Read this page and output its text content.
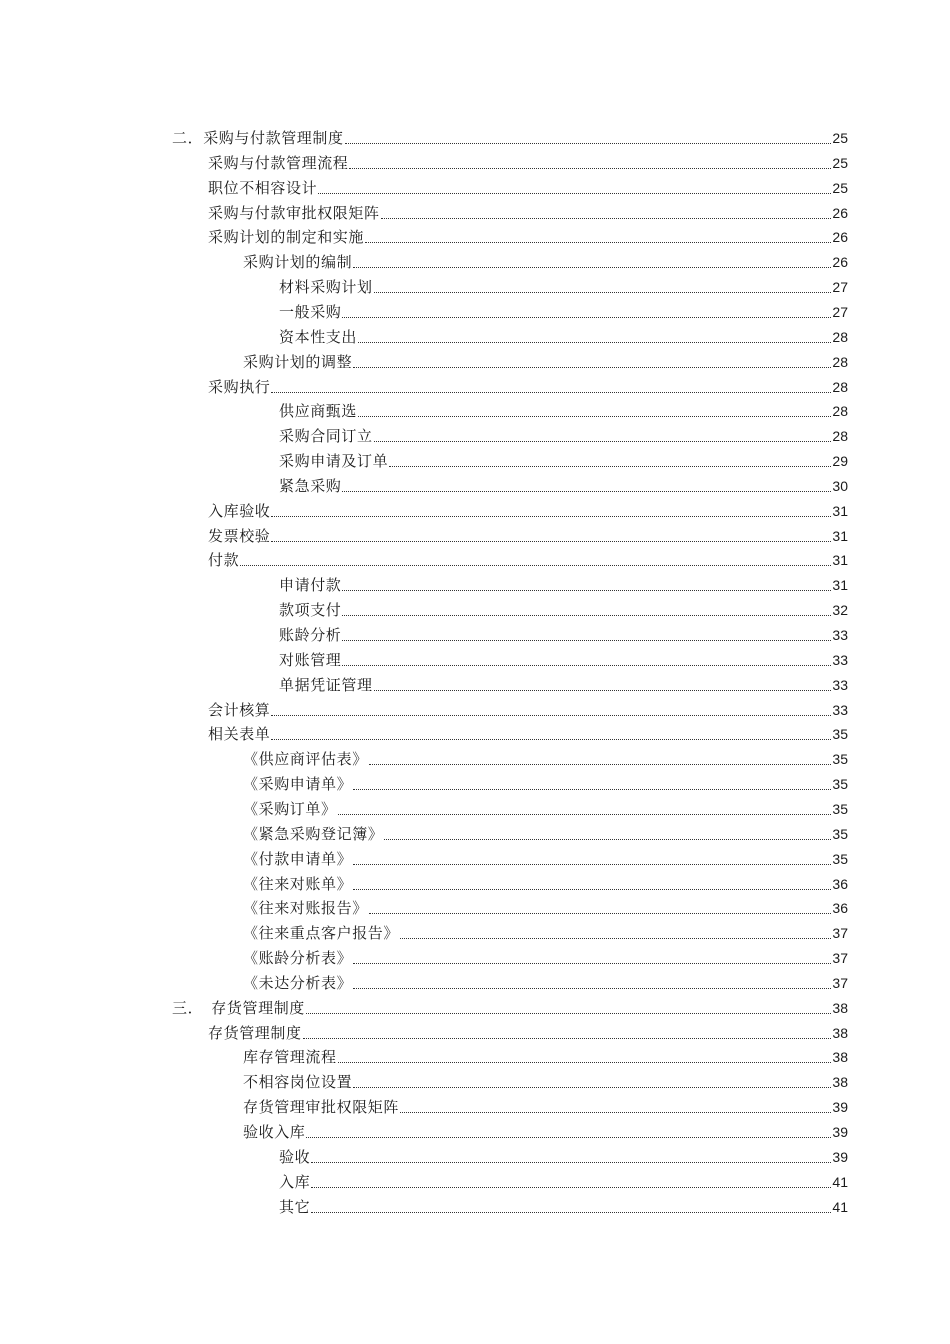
二．采购与付款管理制度	25
采购与付款管理流程	25
职位不相容设计	25
采购与付款审批权限矩阵	26
采购计划的制定和实施	26
采购计划的编制	26
材料采购计划	27
一般采购	27
资本性支出	28
采购计划的调整	28
采购执行	28
供应商甄选	28
采购合同订立	28
采购申请及订单	29
紧急采购	30
入库验收	31
发票校验	31
付款	31
申请付款	31
款项支付	32
账龄分析	33
对账管理	33
单据凭证管理	33
会计核算	33
相关表单	35
《供应商评估表》	35
《采购申请单》	35
《采购订单》	35
《紧急采购登记簿》	35
《付款申请单》	35
《往来对账单》	36
《往来对账报告》	36
《往来重点客户报告》	37
《账龄分析表》	37
《未达分析表》	37
三．　存货管理制度	38
存货管理制度	38
库存管理流程	38
不相容岗位设置	38
存货管理审批权限矩阵	39
验收入库	39
验收	39
入库	41
其它	41
